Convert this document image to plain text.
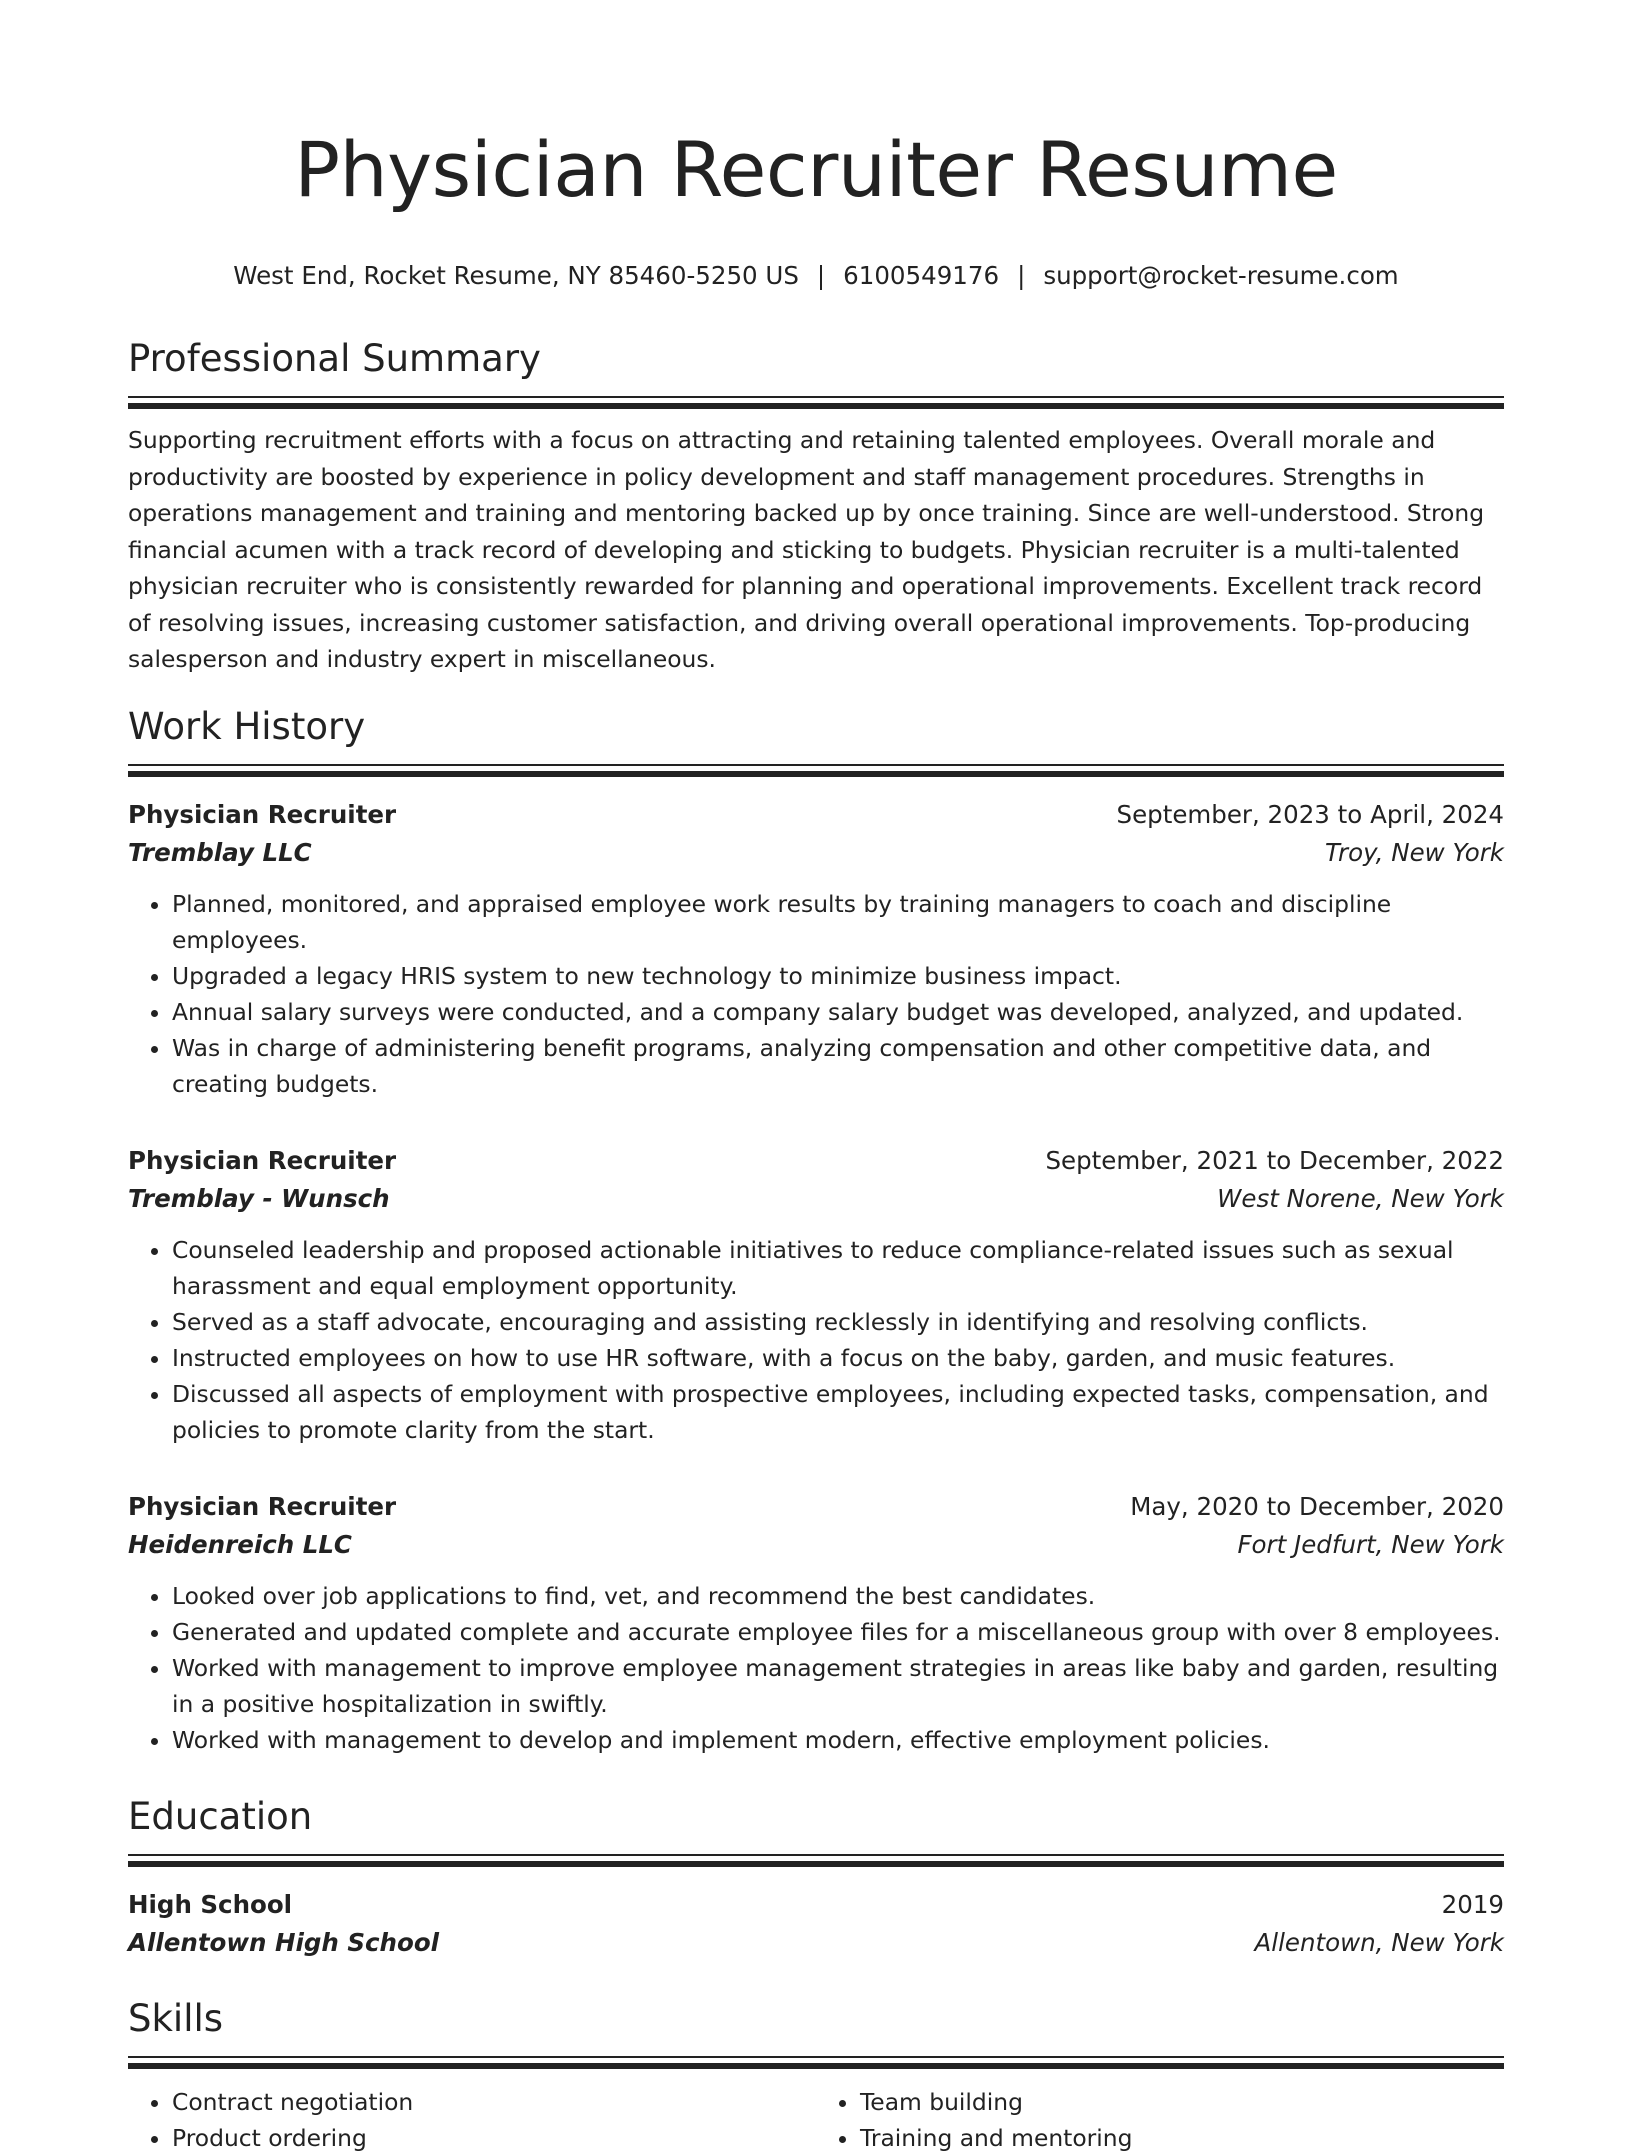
Physician Recruiter Resume
West End, Rocket Resume, NY 85460-5250 US | 6100549176 | support@rocket-resume.com
Professional Summary

Supporting recruitment efforts with a focus on attracting and retaining talented employees. Overall morale and productivity are boosted by experience in policy development and staff management procedures. Strengths in operations management and training and mentoring backed up by once training. Since are well-understood. Strong financial acumen with a track record of developing and sticking to budgets. Physician recruiter is a multi-talented physician recruiter who is consistently rewarded for planning and operational improvements. Excellent track record of resolving issues, increasing customer satisfaction, and driving overall operational improvements. Top-producing salesperson and industry expert in miscellaneous.

Work History
Physician Recruiter	September, 2023 to April, 2024
Tremblay LLC	Troy, New York
• Planned, monitored, and appraised employee work results by training managers to coach and discipline employees.
• Upgraded a legacy HRIS system to new technology to minimize business impact.
• Annual salary surveys were conducted, and a company salary budget was developed, analyzed, and updated.
• Was in charge of administering benefit programs, analyzing compensation and other competitive data, and creating budgets.
Physician Recruiter	September, 2021 to December, 2022
Tremblay - Wunsch	West Norene, New York
• Counseled leadership and proposed actionable initiatives to reduce compliance-related issues such as sexual harassment and equal employment opportunity.
• Served as a staff advocate, encouraging and assisting recklessly in identifying and resolving conflicts.
• Instructed employees on how to use HR software, with a focus on the baby, garden, and music features.
• Discussed all aspects of employment with prospective employees, including expected tasks, compensation, and policies to promote clarity from the start.
Physician Recruiter	May, 2020 to December, 2020
Heidenreich LLC	Fort Jedfurt, New York
• Looked over job applications to find, vet, and recommend the best candidates.
• Generated and updated complete and accurate employee files for a miscellaneous group with over 8 employees.
• Worked with management to improve employee management strategies in areas like baby and garden, resulting in a positive hospitalization in swiftly.
• Worked with management to develop and implement modern, effective employment policies.
Education
High School	2019
Allentown High School	Allentown, New York
Skills
• Contract negotiation
• Product ordering
• Team building
• Training and mentoring
